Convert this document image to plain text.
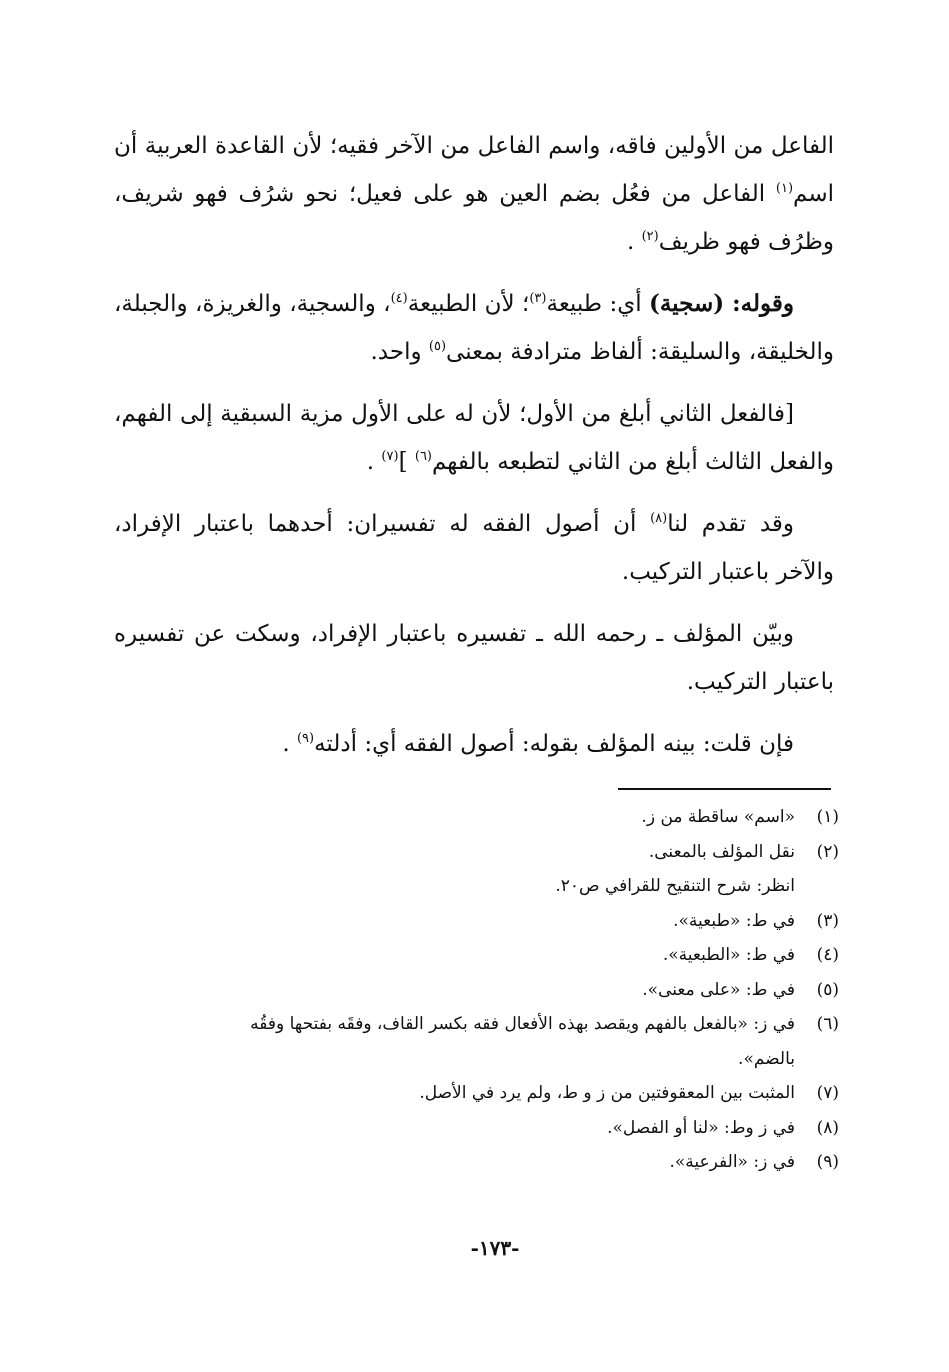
الفاعل من الأولين فاقه، واسم الفاعل من الآخر فقيه؛ لأن القاعدة العربية أن اسم$^{(١)}$ الفاعل من فعُل بضم العين هو على فعيل؛ نحو شرُف فهو شريف، وظرُف فهو ظريف$^{(٢)}$ .

وقوله: (سجية) أي: طبيعة$^{(٣)}$؛ لأن الطبيعة$^{(٤)}$، والسجية، والغريزة، والجبلة، والخليقة، والسليقة: ألفاظ مترادفة بمعنى$^{(٥)}$ واحد.

[فالفعل الثاني أبلغ من الأول؛ لأن له على الأول مزية السبقية إلى الفهم، والفعل الثالث أبلغ من الثاني لتطبعه بالفهم$^{(٦)}$ ]$^{(٧)}$ .

وقد تقدم لنا$^{(٨)}$ أن أصول الفقه له تفسيران: أحدهما باعتبار الإفراد، والآخر باعتبار التركيب.

وبيّن المؤلف ـ رحمه الله ـ تفسيره باعتبار الإفراد، وسكت عن تفسيره باعتبار التركيب.

فإن قلت: بينه المؤلف بقوله: أصول الفقه أي: أدلته$^{(٩)}$ .

(١)
«اسم» ساقطة من ز.
(٢)
نقل المؤلف بالمعنى.
انظر: شرح التنقيح للقرافي ص٢٠.
(٣)
في ط: «طبعية».
(٤)
في ط: «الطبعية».
(٥)
في ط: «على معنى».
(٦)
في ز: «بالفعل بالفهم ويقصد بهذه الأفعال فقه بكسر القاف، وفقَه بفتحها وفقُه
بالضم».
(٧)
المثبت بين المعقوفتين من ز و ط، ولم يرد في الأصل.
(٨)
في ز وط: «لنا أو الفصل».
(٩)
في ز: «الفرعية».
-١٧٣-
